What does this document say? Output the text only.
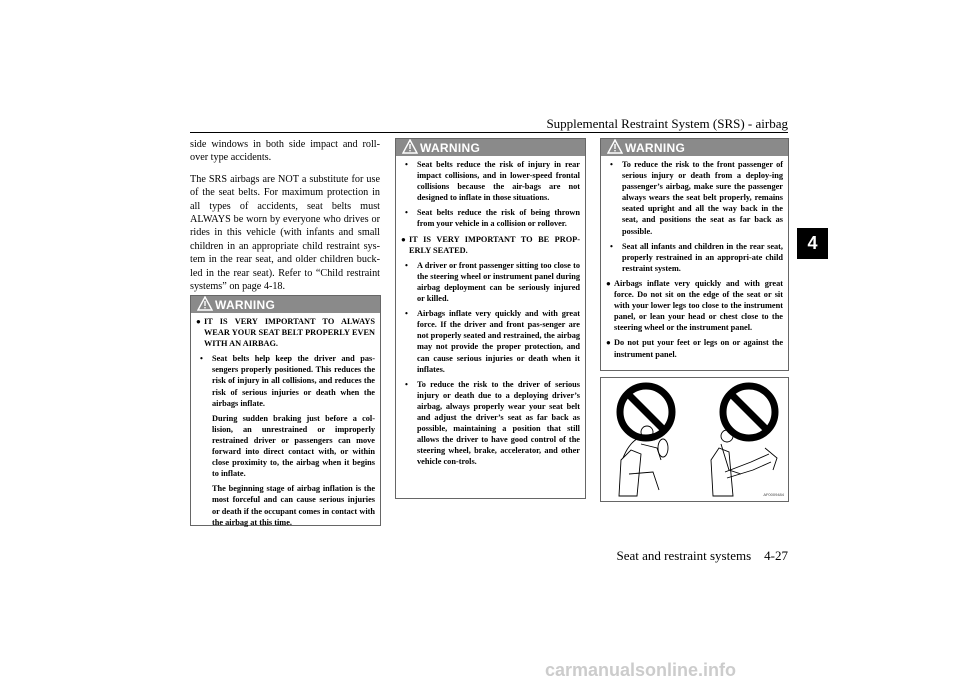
Supplemental Restraint System (SRS) - airbag
4

side windows in both side impact and roll-over type accidents.

The SRS airbags are NOT a substitute for use of the seat belts. For maximum protection in all types of accidents, seat belts must ALWAYS be worn by everyone who drives or rides in this vehicle (with infants and small children in an appropriate child restraint sys-tem in the rear seat, and older children buck-led in the rear seat). Refer to “Child restraint systems” on page 4-18.

WARNING
● IT IS VERY IMPORTANT TO ALWAYS WEAR YOUR SEAT BELT PROPERLY EVEN WITH AN AIRBAG.
• Seat belts help keep the driver and pas-sengers properly positioned. This reduces the risk of injury in all collisions, and reduces the risk of serious injuries or death when the airbags inflate.
During sudden braking just before a col-lision, an unrestrained or improperly restrained driver or passengers can move forward into direct contact with, or within close proximity to, the airbag when it begins to inflate.
The beginning stage of airbag inflation is the most forceful and can cause serious injuries or death if the occupant comes in contact with the airbag at this time.
WARNING
• Seat belts reduce the risk of injury in rear impact collisions, and in lower-speed frontal collisions because the air-bags are not designed to inflate in those situations.
• Seat belts reduce the risk of being thrown from your vehicle in a collision or rollover.
● IT IS VERY IMPORTANT TO BE PROP-ERLY SEATED.
• A driver or front passenger sitting too close to the steering wheel or instrument panel during airbag deployment can be seriously injured or killed.
• Airbags inflate very quickly and with great force. If the driver and front pas-senger are not properly seated and restrained, the airbag may not provide the proper protection, and can cause serious injuries or death when it inflates.
• To reduce the risk to the driver of serious injury or death due to a deploying driver’s airbag, always properly wear your seat belt and adjust the driver’s seat as far back as possible, maintaining a position that still allows the driver to have good control of the steering wheel, brake, accelerator, and other vehicle con-trols.
WARNING
• To reduce the risk to the front passenger of serious injury or death from a deploy-ing passenger’s airbag, make sure the passenger always wears the seat belt properly, remains seated upright and all the way back in the seat, and positions the seat as far back as possible.
• Seat all infants and children in the rear seat, properly restrained in an appropri-ate child restraint system.
● Airbags inflate very quickly and with great force. Do not sit on the edge of the seat or sit with your lower legs too close to the instrument panel, or lean your head or chest close to the steering wheel or the instrument panel.
● Do not put your feet or legs on or against the instrument panel.
AF0009484
Seat and restraint systems    4-27
carmanualsonline.info
